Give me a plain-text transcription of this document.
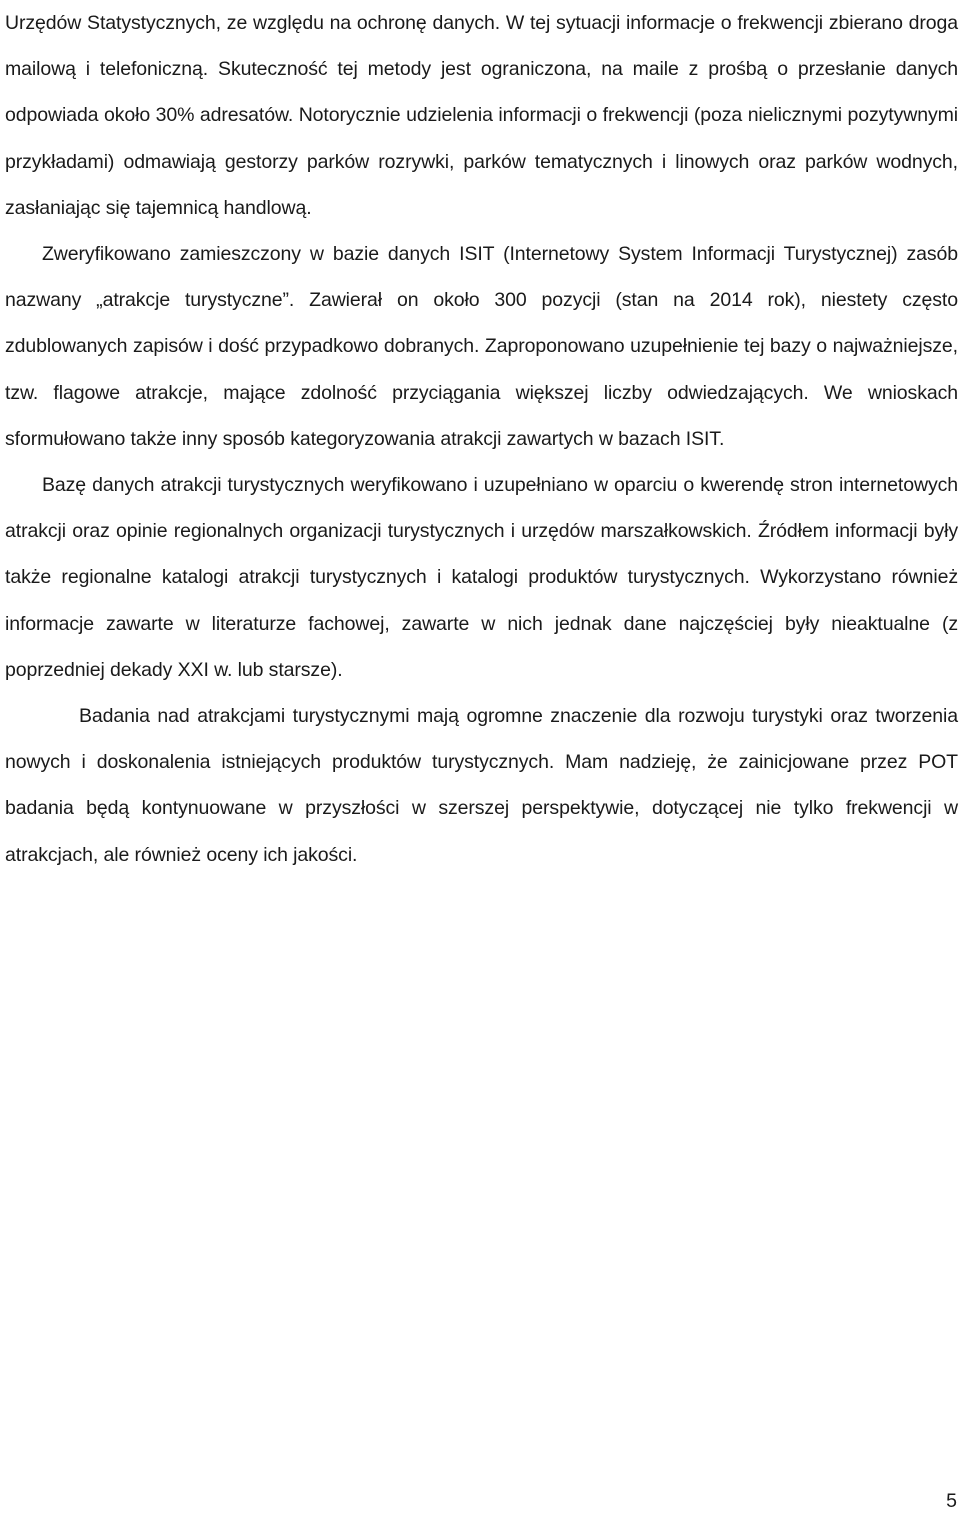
Urzędów Statystycznych, ze względu na ochronę danych. W tej sytuacji informacje o frekwencji zbierano droga mailową i telefoniczną. Skuteczność tej metody jest ograniczona, na maile z prośbą o przesłanie danych odpowiada około 30% adresatów. Notorycznie udzielenia informacji o frekwencji (poza nielicznymi pozytywnymi przykładami) odmawiają gestorzy parków rozrywki, parków tematycznych i linowych oraz parków wodnych, zasłaniając się tajemnicą handlową.

Zweryfikowano zamieszczony w bazie danych ISIT (Internetowy System Informacji Turystycznej) zasób nazwany „atrakcje turystyczne”. Zawierał on około 300 pozycji (stan na 2014 rok), niestety często zdublowanych zapisów i dość przypadkowo dobranych. Zaproponowano uzupełnienie tej bazy o najważniejsze, tzw. flagowe atrakcje, mające zdolność przyciągania większej liczby odwiedzających. We wnioskach sformułowano także inny sposób kategoryzowania atrakcji zawartych w bazach ISIT.

Bazę danych atrakcji turystycznych weryfikowano i uzupełniano w oparciu o kwerendę stron internetowych atrakcji oraz opinie regionalnych organizacji turystycznych i urzędów marszałkowskich. Źródłem informacji były także regionalne katalogi atrakcji turystycznych i katalogi produktów turystycznych. Wykorzystano również informacje zawarte w literaturze fachowej, zawarte w nich jednak dane najczęściej były nieaktualne (z poprzedniej dekady XXI w. lub starsze).

Badania nad atrakcjami turystycznymi mają ogromne znaczenie dla rozwoju turystyki oraz tworzenia nowych i doskonalenia istniejących produktów turystycznych. Mam nadzieję, że zainicjowane przez POT badania będą kontynuowane w przyszłości w szerszej perspektywie, dotyczącej nie tylko frekwencji w atrakcjach, ale również oceny ich jakości.

5
